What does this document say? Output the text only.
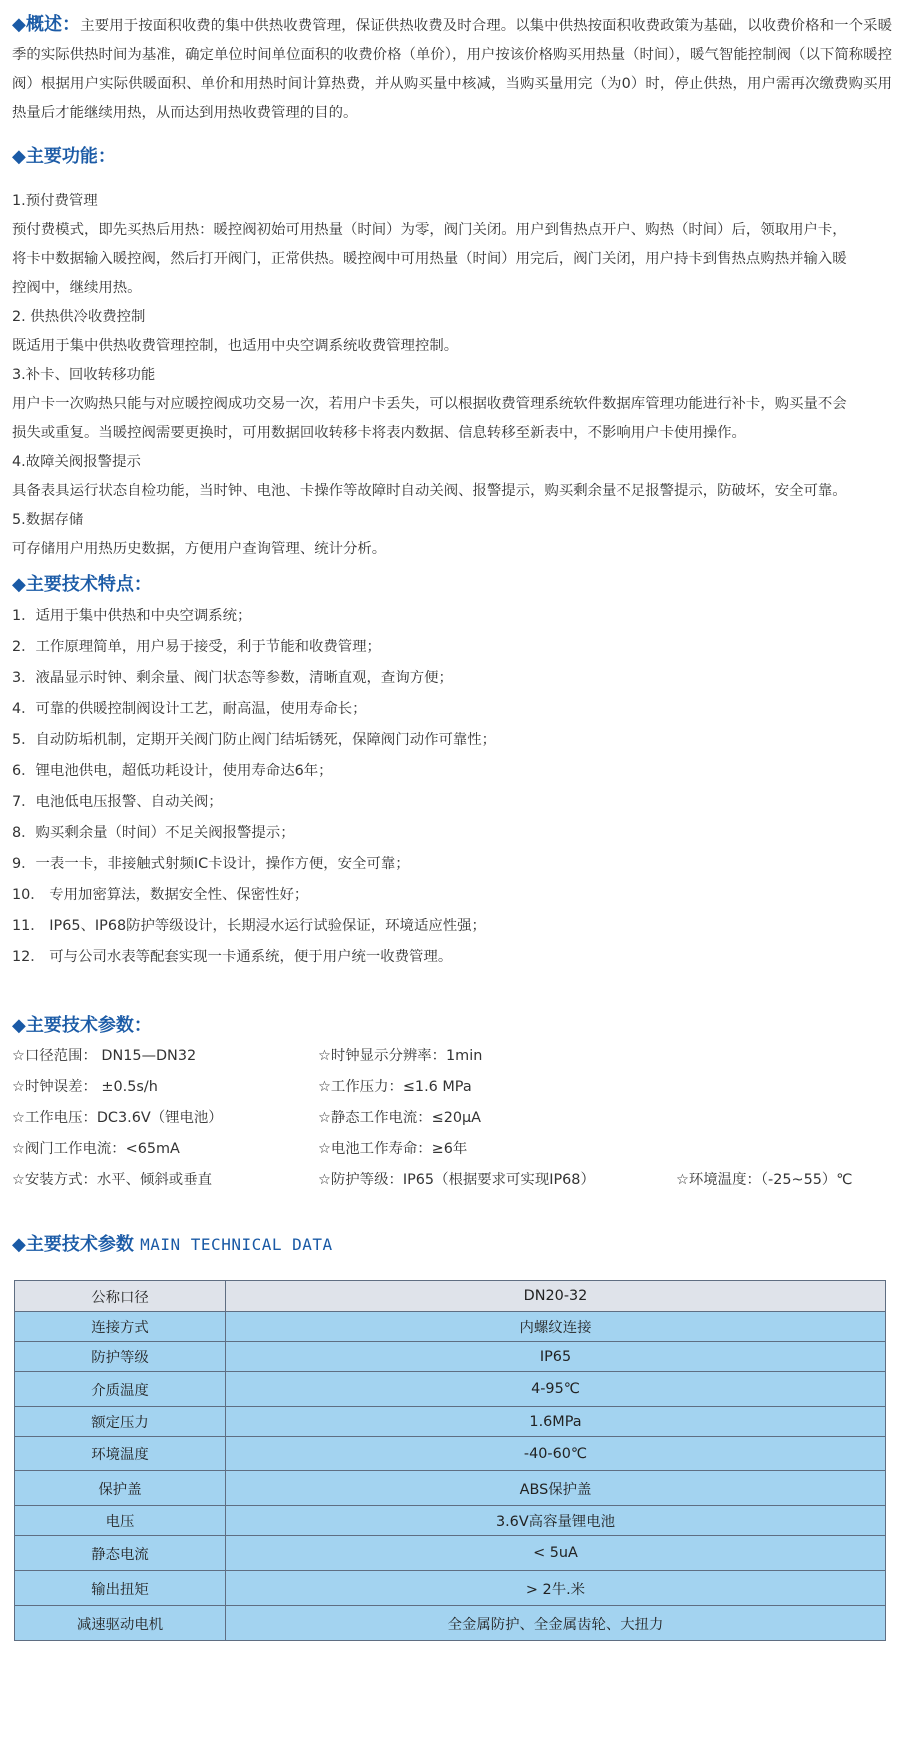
◆概述：主要用于按面积收费的集中供热收费管理，保证供热收费及时合理。以集中供热按面积收费政策为基础，以收费价格和一个采暖季的实际供热时间为基准，确定单位时间单位面积的收费价格（单价），用户按该价格购买用热量（时间），暖气智能控制阀（以下简称暖控阀）根据用户实际供暖面积、单价和用热时间计算热费，并从购买量中核减，当购买量用完（为0）时，停止供热，用户需再次缴费购买用热量后才能继续用热，从而达到用热收费管理的目的。
◆主要功能：
1.预付费管理
预付费模式，即先买热后用热：暖控阀初始可用热量（时间）为零，阀门关闭。用户到售热点开户、购热（时间）后，领取用户卡，
将卡中数据输入暖控阀，然后打开阀门，正常供热。暖控阀中可用热量（时间）用完后，阀门关闭，用户持卡到售热点购热并输入暖
控阀中，继续用热。
2. 供热供冷收费控制
既适用于集中供热收费管理控制，也适用中央空调系统收费管理控制。
3.补卡、回收转移功能
用户卡一次购热只能与对应暖控阀成功交易一次，若用户卡丢失，可以根据收费管理系统软件数据库管理功能进行补卡，购买量不会
损失或重复。当暖控阀需要更换时，可用数据回收转移卡将表内数据、信息转移至新表中，不影响用户卡使用操作。
4.故障关阀报警提示
具备表具运行状态自检功能，当时钟、电池、卡操作等故障时自动关阀、报警提示，购买剩余量不足报警提示，防破坏，安全可靠。
5.数据存储
可存储用户用热历史数据，方便用户查询管理、统计分析。
◆主要技术特点：
1．适用于集中供热和中央空调系统；
2．工作原理简单，用户易于接受，利于节能和收费管理；
3．液晶显示时钟、剩余量、阀门状态等参数，清晰直观，查询方便；
4．可靠的供暖控制阀设计工艺，耐高温，使用寿命长；
5．自动防垢机制，定期开关阀门防止阀门结垢锈死，保障阀门动作可靠性；
6．锂电池供电，超低功耗设计，使用寿命达6年；
7．电池低电压报警、自动关阀；
8．购买剩余量（时间）不足关阀报警提示；
9．一表一卡，非接触式射频IC卡设计，操作方便，安全可靠；
10． 专用加密算法，数据安全性、保密性好；
11． IP65、IP68防护等级设计，长期浸水运行试验保证，环境适应性强；
12． 可与公司水表等配套实现一卡通系统，便于用户统一收费管理。
◆主要技术参数：
☆口径范围： DN15—DN32	☆时钟显示分辨率：1min
☆时钟误差： ±0.5s/h	☆工作压力：≤1.6 MPa
☆工作电压：DC3.6V（锂电池）	☆静态工作电流：≤20μA
☆阀门工作电流：<65mA	☆电池工作寿命：≥6年
☆安装方式：水平、倾斜或垂直	☆防护等级：IP65（根据要求可实现IP68）	☆环境温度：（-25~55）℃
◆主要技术参数 MAIN TECHNICAL DATA
公称口径	DN20-32
连接方式	内螺纹连接
防护等级	IP65
介质温度	4-95℃
额定压力	1.6MPa
环境温度	-40-60℃
保护盖	ABS保护盖
电压	3.6V高容量锂电池
静态电流	< 5uA
输出扭矩	> 2牛.米
减速驱动电机	全金属防护、全金属齿轮、大扭力
